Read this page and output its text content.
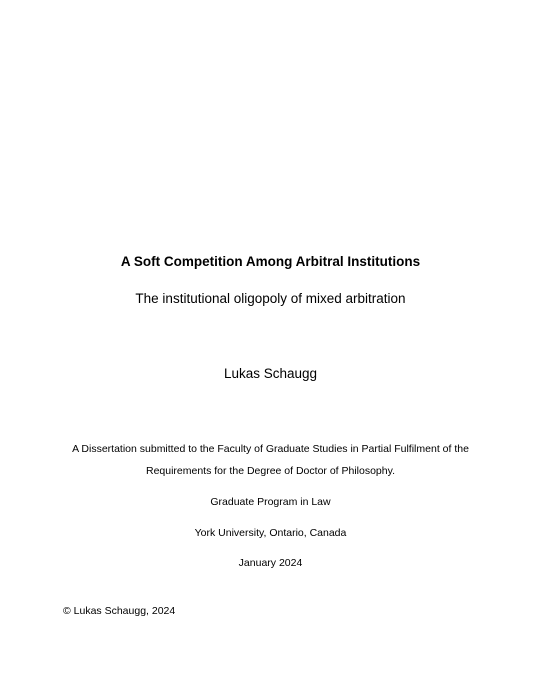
A Soft Competition Among Arbitral Institutions
The institutional oligopoly of mixed arbitration
Lukas Schaugg
A Dissertation submitted to the Faculty of Graduate Studies in Partial Fulfilment of the
Requirements for the Degree of Doctor of Philosophy.
Graduate Program in Law
York University, Ontario, Canada
January 2024
© Lukas Schaugg, 2024
